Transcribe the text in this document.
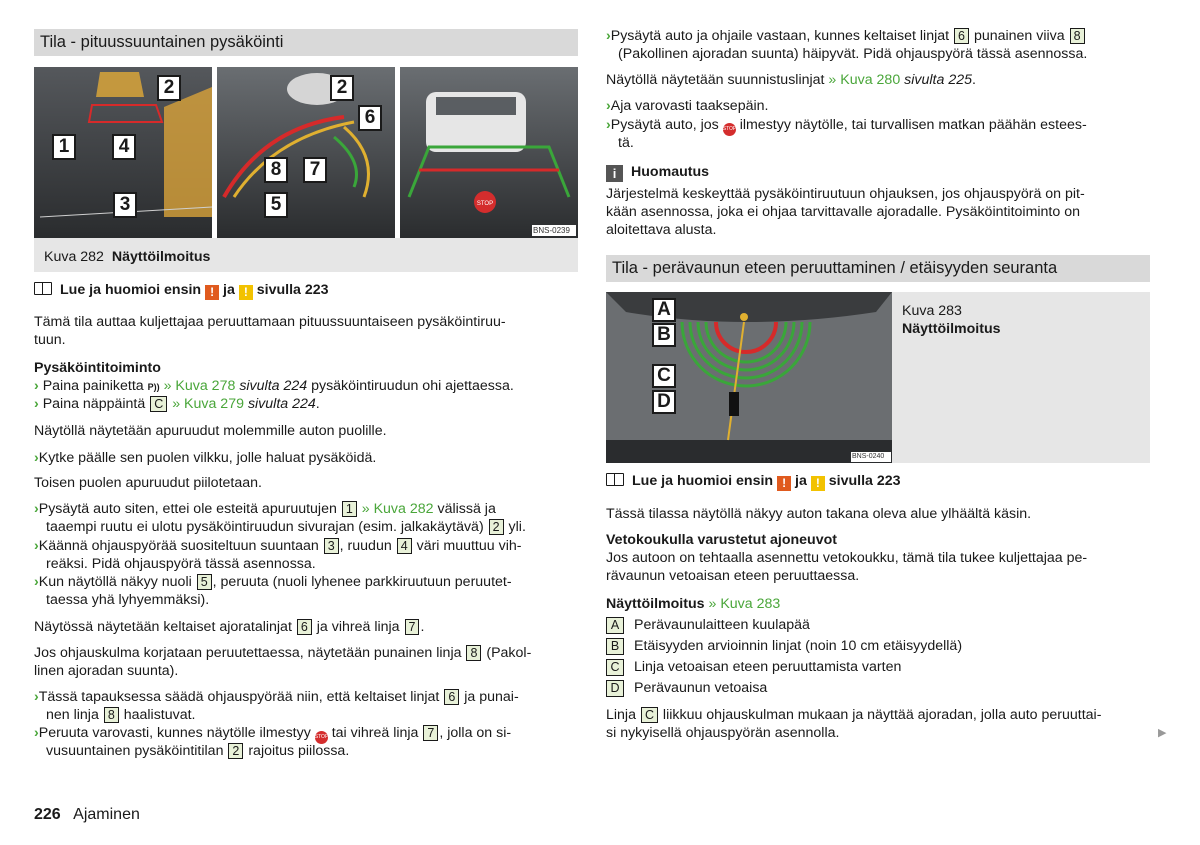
Tila - pituussuuntainen pysäköinti
STOP
2
1	4
3
2
6
8	7
5
BNS-0239
Kuva 282 Näyttöilmoitus
Lue ja huomioi ensin ! ja ! sivulla 223
Tämä tila auttaa kuljettajaa peruuttamaan pituussuuntaiseen pysäköintiruu-
tuun.
Pysäköintitoiminto
› Paina painiketta P)) » Kuva 278 sivulta 224 pysäköintiruudun ohi ajettaessa.
› Paina näppäintä C » Kuva 279 sivulta 224.
Näytöllä näytetään apuruudut molemmille auton puolille.
›Kytke päälle sen puolen vilkku, jolle haluat pysäköidä.
Toisen puolen apuruudut piilotetaan.
›Pysäytä auto siten, ettei ole esteitä apuruutujen 1 » Kuva 282 välissä ja
taaempi ruutu ei ulotu pysäköintiruudun sivurajan (esim. jalkakäytävä) 2 yli.
›Käännä ohjauspyörää suositeltuun suuntaan 3 , ruudun 4 väri muuttuu vih-
reäksi. Pidä ohjauspyörä tässä asennossa.
›Kun näytöllä näkyy nuoli 5 , peruuta (nuoli lyhenee parkkiruutuun peruutet-
taessa yhä lyhyemmäksi).
Näytössä näytetään keltaiset ajoratalinjat 6 ja vihreä linja 7 .
Jos ohjauskulma korjataan peruutettaessa, näytetään punainen linja 8 (Pakol-
linen ajoradan suunta).
›Tässä tapauksessa säädä ohjauspyörää niin, että keltaiset linjat 6 ja punai-
nen linja 8 haalistuvat.
›Peruuta varovasti, kunnes näytölle ilmestyy STOP tai vihreä linja 7 , jolla on si-
vusuuntainen pysäköintitilan 2 rajoitus piilossa.
226 Ajaminen
›Pysäytä auto ja ohjaile vastaan, kunnes keltaiset linjat 6 punainen viiva 8
(Pakollinen ajoradan suunta) häipyvät. Pidä ohjauspyörä tässä asennossa.
Näytöllä näytetään suunnistuslinjat » Kuva 280 sivulta 225.
›Aja varovasti taaksepäin.
›Pysäytä auto, jos STOP ilmestyy näytölle, tai turvallisen matkan päähän estees-
tä.
i Huomautus
Järjestelmä keskeyttää pysäköintiruutuun ohjauksen, jos ohjauspyörä on pit-
kään asennossa, joka ei ohjaa tarvittavalle ajoradalle. Pysäköintitoiminto on
aloitettava alusta.
Tila - perävaunun eteen peruuttaminen / etäisyyden seuranta
A
B
C
D
BNS-0240
Kuva 283
Näyttöilmoitus
Lue ja huomioi ensin ! ja ! sivulla 223
Tässä tilassa näytöllä näkyy auton takana oleva alue ylhäältä käsin.
Vetokoukulla varustetut ajoneuvot
Jos autoon on tehtaalla asennettu vetokoukku, tämä tila tukee kuljettajaa pe-
rävaunun vetoaisan eteen peruuttaessa.
Näyttöilmoitus » Kuva 283
A Perävaunulaitteen kuulapää
B Etäisyyden arvioinnin linjat (noin 10 cm etäisyydellä)
C Linja vetoaisan eteen peruuttamista varten
D Perävaunun vetoaisa
Linja C liikkuu ohjauskulman mukaan ja näyttää ajoradan, jolla auto peruuttai-
si nykyisellä ohjauspyörän asennolla.	▶
